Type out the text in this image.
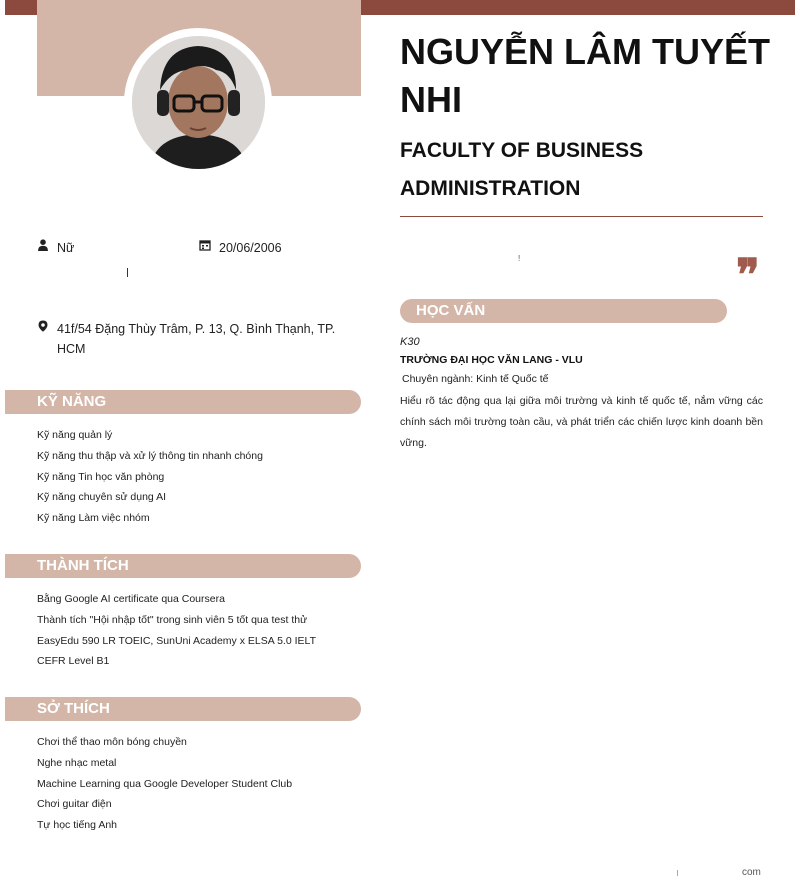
NGUYỄN LÂM TUYẾT NHI
FACULTY OF BUSINESS ADMINISTRATION
!	❞
Nữ	20/06/2006
41f/54 Đặng Thùy Trâm, P. 13, Q. Bình Thạnh, TP. HCM
KỸ NĂNG
Kỹ năng quản lý
Kỹ năng thu thập và xử lý thông tin nhanh chóng
Kỹ năng Tin học văn phòng
Kỹ năng chuyên sử dụng AI
Kỹ năng Làm việc nhóm
THÀNH TÍCH
Bằng Google AI certificate qua Coursera
Thành tích "Hội nhập tốt" trong sinh viên 5 tốt qua test thử
EasyEdu 590 LR TOEIC, SunUni Academy x ELSA 5.0 IELT
CEFR Level B1
SỞ THÍCH
Chơi thể thao môn bóng chuyền
Nghe nhạc metal
Machine Learning qua Google Developer Student Club
Chơi guitar điện
Tự học tiếng Anh
HỌC VẤN
K30
TRƯỜNG ĐẠI HỌC VĂN LANG - VLU
Chuyên ngành: Kinh tế Quốc tế

Hiểu rõ tác động qua lại giữa môi trường và kinh tế quốc tế, nắm vững các chính sách môi trường toàn cầu, và phát triển các chiến lược kinh doanh bền vững.

com
